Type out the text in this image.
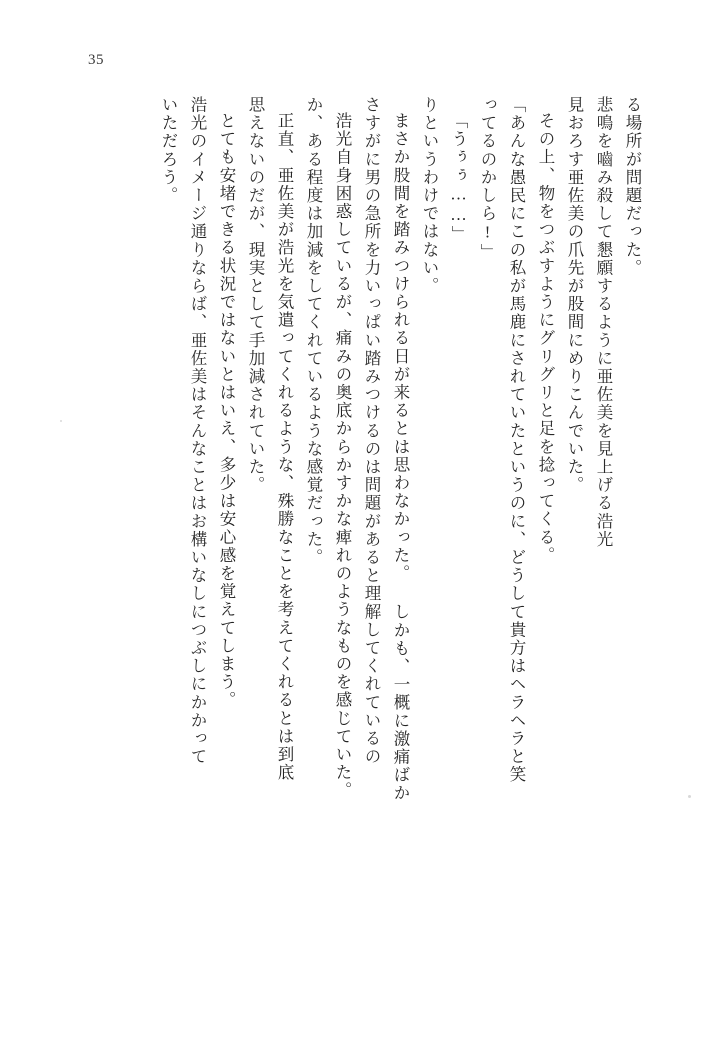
35
る場所が問題だった。
悲鳴を嚙み殺して懇願するように亜佐美を見上げる浩光
見おろす亜佐美の爪先が股間にめりこんでいた。
その上、物をつぶすようにグリグリと足を捻ってくる。
「あんな愚民にこの私が馬鹿にされていたというのに、どうして貴方はヘラヘラと笑
ってるのかしら!」
「うぅぅ……」
りというわけではない。
まさか股間を踏みつけられる日が来るとは思わなかった。 しかも、一概に激痛ばか
さすがに男の急所を力いっぱい踏みつけるのは問題があると理解してくれているの
浩光自身困惑しているが、痛みの奥底からかすかな痺れのようなものを感じていた。
か、ある程度は加減をしてくれているような感覚だった。
正直、亜佐美が浩光を気遣ってくれるような、殊勝なことを考えてくれるとは到底
思えないのだが、現実として手加減されていた。
とても安堵できる状況ではないとはいえ、多少は安心感を覚えてしまう。
浩光のイメージ通りならば、亜佐美はそんなことはお構いなしにつぶしにかかって
いただろう。
